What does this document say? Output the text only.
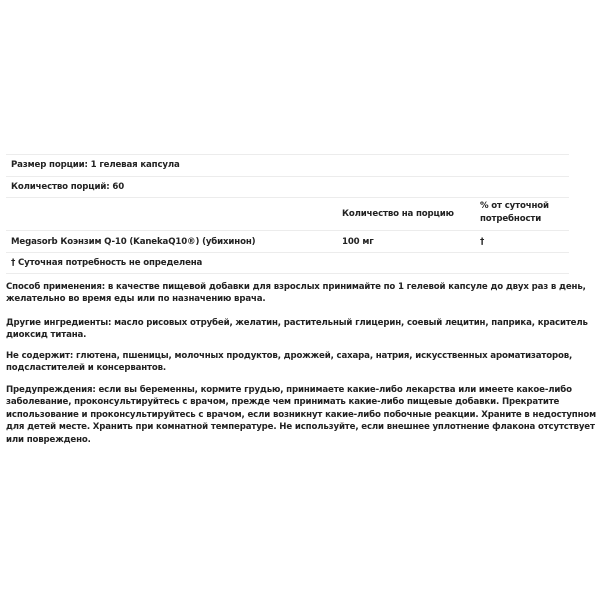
Размер порции: 1 гелевая капсула
Количество порций: 60
Количество на порцию
% от суточной потребности
Megasorb Коэнзим Q-10 (KanekaQ10®) (убихинон)	100 мг	†
† Суточная потребность не определена
Способ применения: в качестве пищевой добавки для взрослых принимайте по 1 гелевой капсуле до двух раз в день, желательно во время еды или по назначению врача.
Другие ингредиенты: масло рисовых отрубей, желатин, растительный глицерин, соевый лецитин, паприка, краситель диоксид титана.
Не содержит: глютена, пшеницы, молочных продуктов, дрожжей, сахара, натрия, искусственных ароматизаторов, подсластителей и консервантов.
Предупреждения: если вы беременны, кормите грудью, принимаете какие-либо лекарства или имеете какое-либо заболевание, проконсультируйтесь с врачом, прежде чем принимать какие-либо пищевые добавки. Прекратите использование и проконсультируйтесь с врачом, если возникнут какие-либо побочные реакции. Храните в недоступном для детей месте. Хранить при комнатной температуре. Не используйте, если внешнее уплотнение флакона отсутствует или повреждено.
